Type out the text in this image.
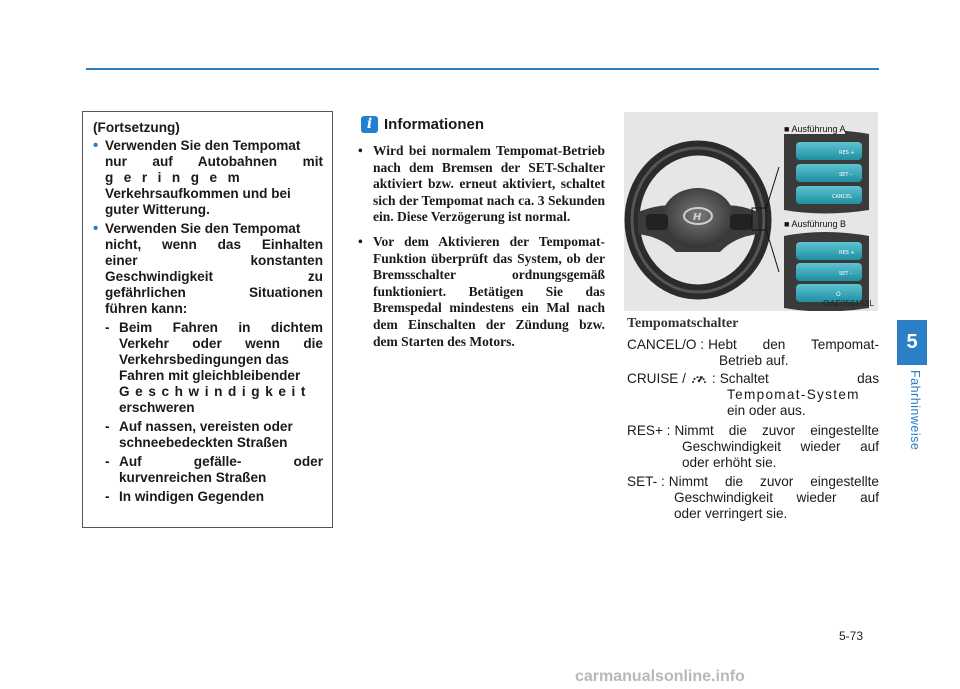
(Fortsetzung)
• Verwenden Sie den Tempomat
nur auf Autobahnen mit
geringem
Verkehrsaufkommen und bei
guter Witterung.
• Verwenden Sie den Tempomat
nicht, wenn das Einhalten
einer konstanten
Geschwindigkeit zu
gefährlichen Situationen
führen kann:
- Beim Fahren in dichtem
Verkehr oder wenn die
Verkehrsbedingungen das
Fahren mit gleichbleibender
Geschwindigkeit
erschweren
- Auf nassen, vereisten oder
schneebedeckten Straßen
- Auf gefälle- oder
kurvenreichen Straßen
- In windigen Gegenden
i Informationen
• Wird bei normalem Tempomat-Betrieb nach dem Bremsen der SET-Schalter aktiviert bzw. erneut aktiviert, schaltet sich der Tempomat nach ca. 3 Sekunden ein. Diese Verzögerung ist normal.
• Vor dem Aktivieren der Tempomat-Funktion überprüft das System, ob der Bremsschalter ordnungsgemäß funktioniert. Betätigen Sie das Bremspedal mindestens ein Mal nach dem Einschalten der Zündung bzw. dem Starten des Motors.
H
RES +
SET –
CANCEL
RES +
SET –
O
■ Ausführung A
■ Ausführung B
OAE056153L
Tempomatschalter
CANCEL/O : Hebt den Tempomat-
Betrieb auf.
CRUISE / : Schaltet das
Tempomat-System
ein oder aus.
RES+ : Nimmt die zuvor eingestellte
Geschwindigkeit wieder auf
oder erhöht sie.
SET- : Nimmt die zuvor eingestellte
Geschwindigkeit wieder auf
oder verringert sie.
5
Fahrhinweise
5-73
carmanualsonline.info
